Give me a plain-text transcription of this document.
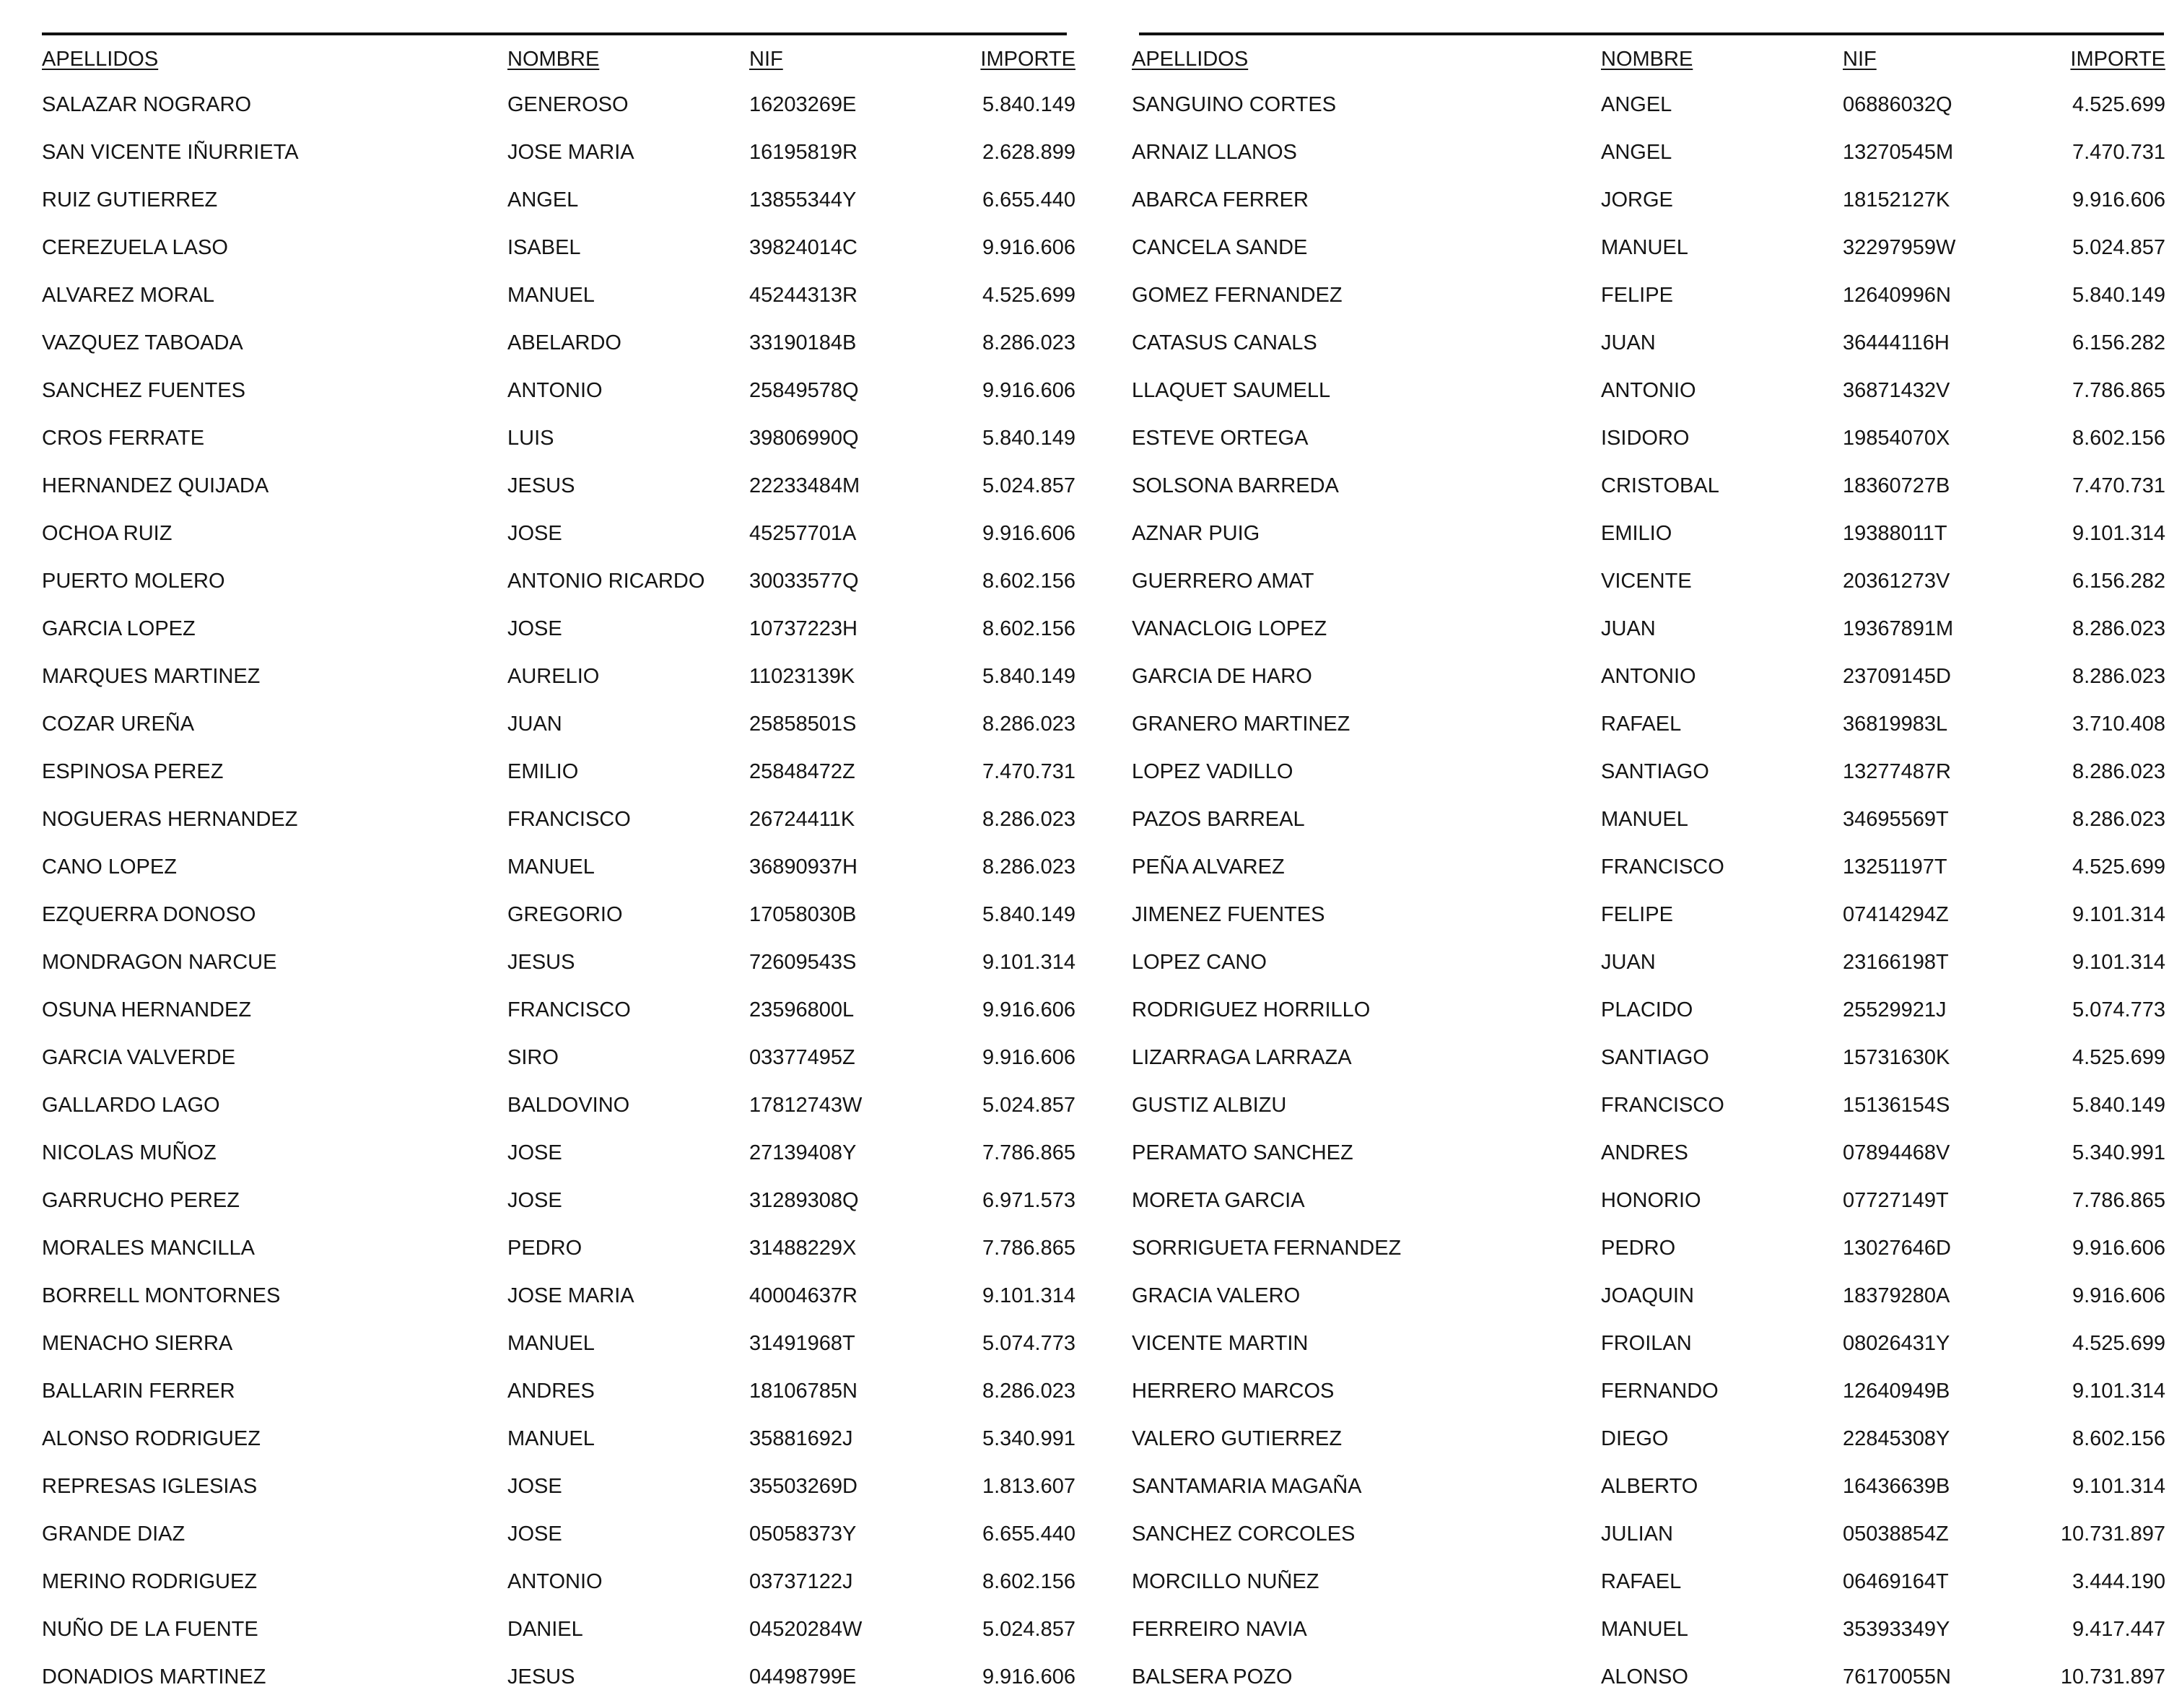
APELLIDOS	NOMBRE	NIF	IMPORTE
SALAZAR NOGRARO	GENEROSO	16203269E	5.840.149
SAN VICENTE IÑURRIETA	JOSE MARIA	16195819R	2.628.899
RUIZ GUTIERREZ	ANGEL	13855344Y	6.655.440
CEREZUELA LASO	ISABEL	39824014C	9.916.606
ALVAREZ MORAL	MANUEL	45244313R	4.525.699
VAZQUEZ TABOADA	ABELARDO	33190184B	8.286.023
SANCHEZ FUENTES	ANTONIO	25849578Q	9.916.606
CROS FERRATE	LUIS	39806990Q	5.840.149
HERNANDEZ QUIJADA	JESUS	22233484M	5.024.857
OCHOA RUIZ	JOSE	45257701A	9.916.606
PUERTO MOLERO	ANTONIO RICARDO 30033577Q	8.602.156
GARCIA LOPEZ	JOSE	10737223H	8.602.156
MARQUES MARTINEZ	AURELIO	11023139K	5.840.149
COZAR UREÑA	JUAN	25858501S	8.286.023
ESPINOSA PEREZ	EMILIO	25848472Z	7.470.731
NOGUERAS HERNANDEZ	FRANCISCO	26724411K	8.286.023
CANO LOPEZ	MANUEL	36890937H	8.286.023
EZQUERRA DONOSO	GREGORIO	17058030B	5.840.149
MONDRAGON NARCUE	JESUS	72609543S	9.101.314
OSUNA HERNANDEZ	FRANCISCO	23596800L	9.916.606
GARCIA VALVERDE	SIRO	03377495Z	9.916.606
GALLARDO LAGO	BALDOVINO	17812743W	5.024.857
NICOLAS MUÑOZ	JOSE	27139408Y	7.786.865
GARRUCHO PEREZ	JOSE	31289308Q	6.971.573
MORALES MANCILLA	PEDRO	31488229X	7.786.865
BORRELL MONTORNES	JOSE MARIA	40004637R	9.101.314
MENACHO SIERRA	MANUEL	31491968T	5.074.773
BALLARIN FERRER	ANDRES	18106785N	8.286.023
ALONSO RODRIGUEZ	MANUEL	35881692J	5.340.991
REPRESAS IGLESIAS	JOSE	35503269D	1.813.607
GRANDE DIAZ	JOSE	05058373Y	6.655.440
MERINO RODRIGUEZ	ANTONIO	03737122J	8.602.156
NUÑO DE LA FUENTE	DANIEL	04520284W	5.024.857
DONADIOS MARTINEZ	JESUS	04498799E	9.916.606
APELLIDOS	NOMBRE	NIF	IMPORTE
SANGUINO CORTES	ANGEL	06886032Q	4.525.699
ARNAIZ LLANOS	ANGEL	13270545M	7.470.731
ABARCA FERRER	JORGE	18152127K	9.916.606
CANCELA SANDE	MANUEL	32297959W	5.024.857
GOMEZ FERNANDEZ	FELIPE	12640996N	5.840.149
CATASUS CANALS	JUAN	36444116H	6.156.282
LLAQUET SAUMELL	ANTONIO	36871432V	7.786.865
ESTEVE ORTEGA	ISIDORO	19854070X	8.602.156
SOLSONA BARREDA	CRISTOBAL	18360727B	7.470.731
AZNAR PUIG	EMILIO	19388011T	9.101.314
GUERRERO AMAT	VICENTE	20361273V	6.156.282
VANACLOIG LOPEZ	JUAN	19367891M	8.286.023
GARCIA DE HARO	ANTONIO	23709145D	8.286.023
GRANERO MARTINEZ	RAFAEL	36819983L	3.710.408
LOPEZ VADILLO	SANTIAGO	13277487R	8.286.023
PAZOS BARREAL	MANUEL	34695569T	8.286.023
PEÑA ALVAREZ	FRANCISCO	13251197T	4.525.699
JIMENEZ FUENTES	FELIPE	07414294Z	9.101.314
LOPEZ CANO	JUAN	23166198T	9.101.314
RODRIGUEZ HORRILLO	PLACIDO	25529921J	5.074.773
LIZARRAGA LARRAZA	SANTIAGO	15731630K	4.525.699
GUSTIZ ALBIZU	FRANCISCO	15136154S	5.840.149
PERAMATO SANCHEZ	ANDRES	07894468V	5.340.991
MORETA GARCIA	HONORIO	07727149T	7.786.865
SORRIGUETA FERNANDEZ	PEDRO	13027646D	9.916.606
GRACIA VALERO	JOAQUIN	18379280A	9.916.606
VICENTE MARTIN	FROILAN	08026431Y	4.525.699
HERRERO MARCOS	FERNANDO	12640949B	9.101.314
VALERO GUTIERREZ	DIEGO	22845308Y	8.602.156
SANTAMARIA MAGAÑA	ALBERTO	16436639B	9.101.314
SANCHEZ CORCOLES	JULIAN	05038854Z	10.731.897
MORCILLO NUÑEZ	RAFAEL	06469164T	3.444.190
FERREIRO NAVIA	MANUEL	35393349Y	9.417.447
BALSERA POZO	ALONSO	76170055N	10.731.897
